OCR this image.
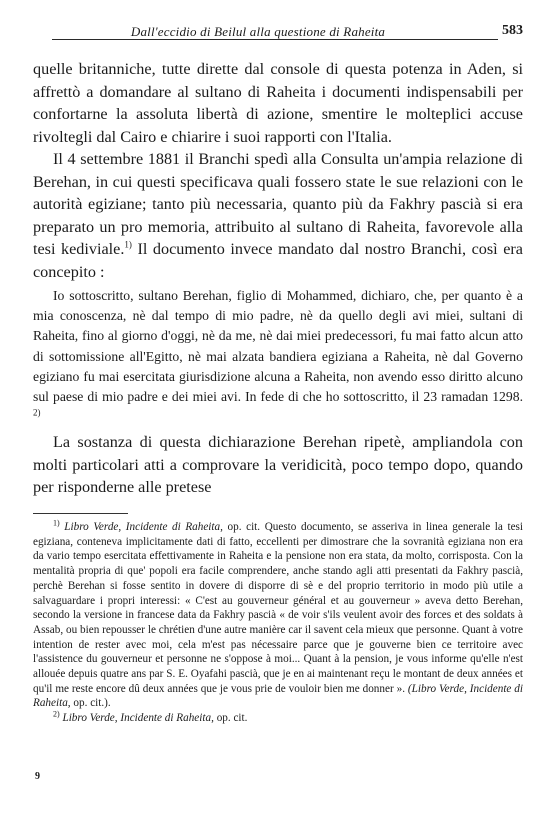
Dall'eccidio di Beilul alla questione di Raheita	583

quelle britanniche, tutte dirette dal console di questa potenza in Aden, si affrettò a domandare al sultano di Raheita i documenti indispensabili per confortarne la assoluta libertà di azione, smentire le molteplici accuse rivoltegli dal Cairo e chiarire i suoi rapporti con l'Italia.

Il 4 settembre 1881 il Branchi spedì alla Consulta un'ampia relazione di Berehan, in cui questi specificava quali fossero state le sue relazioni con le autorità egiziane; tanto più necessaria, quanto più da Fakhry pascià si era preparato un pro memoria, attribuito al sultano di Raheita, favorevole alla tesi kediviale.$^{1)}$ Il documento invece mandato dal nostro Branchi, così era concepito :

Io sottoscritto, sultano Berehan, figlio di Mohammed, dichiaro, che, per quanto è a mia conoscenza, nè dal tempo di mio padre, nè da quello degli avi miei, sultani di Raheita, fino al giorno d'oggi, nè da me, nè dai miei predecessori, fu mai fatto alcun atto di sottomissione all'Egitto, nè mai alzata bandiera egiziana a Raheita, nè dal Governo egiziano fu mai esercitata giurisdizione alcuna a Raheita, non avendo esso diritto alcuno sul paese di mio padre e dei miei avi. In fede di che ho sottoscritto, il 23 ramadan 1298. $^{2)}$

La sostanza di questa dichiarazione Berehan ripetè, ampliandola con molti particolari atti a comprovare la veridicità, poco tempo dopo, quando per risponderne alle pretese

$^{1)}$ Libro Verde, Incidente di Raheita, op. cit. Questo documento, se asseriva in linea generale la tesi egiziana, conteneva implicitamente dati di fatto, eccellenti per dimostrare che la sovranità egiziana non era da vario tempo esercitata effettivamente in Raheita e la pensione non era stata, da molto, corrisposta. Con la mentalità propria di que' popoli era facile comprendere, anche stando agli atti presentati da Fakhry pascià, perchè Berehan si fosse sentito in dovere di disporre di sè e del proprio territorio in modo più utile a salvaguardare i propri interessi: « C'est au gouverneur général et au gouverneur » aveva detto Berehan, secondo la versione in francese data da Fakhry pascià « de voir s'ils veulent avoir des forces et des soldats à Assab, ou bien repousser le chrétien d'une autre manière car il savent cela mieux que personne. Quant à votre intention de rester avec moi, cela m'est pas nécessaire parce que je gouverne bien ce territoire avec l'assistence du gouverneur et personne ne s'oppose à moi... Quant à la pension, je vous informe qu'elle n'est allouée depuis quatre ans par S. E. Oyafahi pascià, que je en ai maintenant reçu le montant de deux années et qu'il me reste encore dû deux années que je vous prie de vouloir bien me donner ». (Libro Verde, Incidente di Raheita, op. cit.).

$^{2)}$ Libro Verde, Incidente di Raheita, op. cit.

9
